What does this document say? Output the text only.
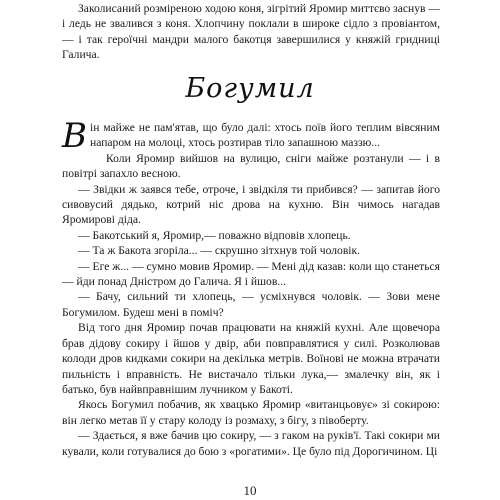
Заколисаний розміреною ходою коня, зігрітий Яромир миттєво заснув — і ледь не звалився з коня. Хлопчину поклали в широке сідло з провіантом, — і так героїчні мандри малого бакотця завершилися у княжій гридниці Галича.

Богумил

Він майже не пам'ятав, що було далі: хтось поїв його теплим вівсяним напаром на молоці, хтось розтирав тіло запашною маззю...

Коли Яромир вийшов на вулицю, сніги майже розтанули — і в повітрі запахло весною.

— Звідки ж заявся тебе, отроче, і звідкіля ти прибився? — запитав його сивовусий дядько, котрий ніс дрова на кухню. Він чимось нагадав Яромирові діда.

— Бакотський я, Яромир,— поважно відповів хлопець.

— Та ж Бакота згоріла... — скрушно зітхнув той чоловік.

— Еге ж... — сумно мовив Яромир. — Мені дід казав: коли що станеться — йди понад Дністром до Галича. Я і йшов...

— Бачу, сильний ти хлопець, — усміхнувся чоловік. — Зови мене Богумилом. Будеш мені в поміч?

Від того дня Яромир почав працювати на княжій кухні. Але щовечора брав дідову сокиру і йшов у двір, аби повправлятися у силі. Розколював колоди дров кидками сокири на декілька метрів. Воїнові не можна втрачати пильність і вправність. Не вистачало тільки лука,— змалечку він, як і батько, був найвправнішим лучником у Бакоті.

Якось Богумил побачив, як хвацько Яромир «витанцьовує» зі сокирою: він легко метав її у стару колоду із розмаху, з бігу, з півоберту.

— Здається, я вже бачив цю сокиру, — з гаком на руків'ї. Такі сокири ми кували, коли готувалися до бою з «рогатими». Це було під Дорогичином. Ці

10
